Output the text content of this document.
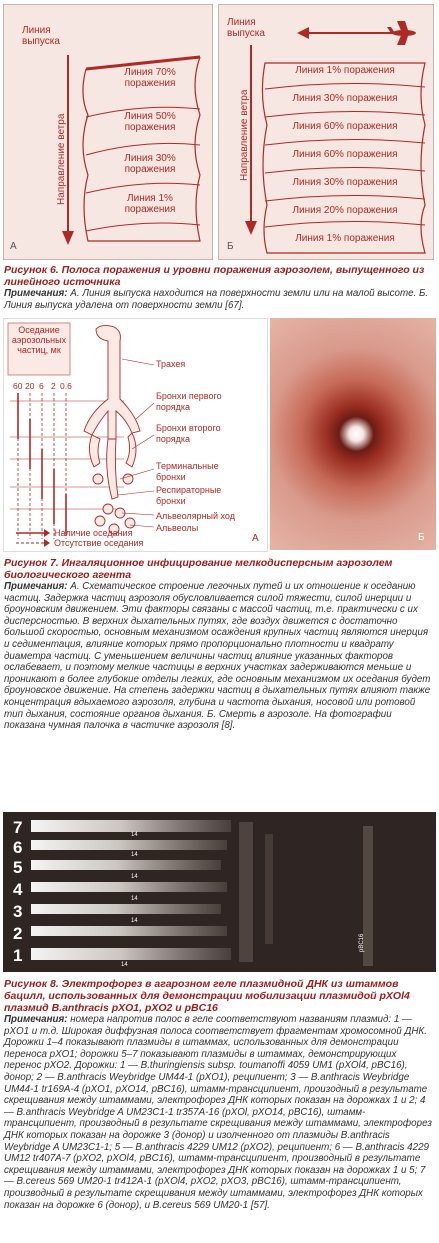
Линия
выпуска
Направление ветра
Линия 70%
поражения
Линия 50%
поражения
Линия 30%
поражения
Линия 1%
поражения
А
Линия
выпуска
Направление ветра
Линия 1% поражения
Линия 30% поражения
Линия 60% поражения
Линия 60% поражения
Линия 30% поражения
Линия 20% поражения
Линия 1% поражения
Б
Рисунок 6. Полоса поражения и уровни поражения аэрозолем, выпущенного из линейного источника
Примечания: А. Линия выпуска находится на поверхности земли или на малой высоте. Б. Линия выпуска удалена от поверхности земли [67].
Оседание
аэрозольных
частиц, мк
60 20 6 2 0.6
Трахея
Бронхи первого
порядка
Бронхи второго
порядка
Терминальные
бронхи
Респираторные
бронхи
Альвеолярный ход
Альвеолы
Наличие оседания
Отсутствие оседания	А	Б
Рисунок 7. Ингаляционное инфицирование мелкодисперсным аэрозолем биологического агента
Примечания: А. Схематическое строение легочных путей и их отношение к оседанию частиц. Задержка частиц аэрозоля обусловливается силой тяжести, силой инерции и броуновским движением. Эти факторы связаны с массой частиц, т.е. практически с их дисперсностью. В верхних дыхательных путях, где воздух движется с достаточно большой скоростью, основным механизмом осаждения крупных частиц являются инерция и седиментация, влияние которых прямо пропорционально плотности и квадрату диаметра частиц. С уменьшением величины частиц влияние указанных факторов ослабевает, и поэтому мелкие частицы в верхних участках задерживаются меньше и проникают в более глубокие отделы легких, где основным механизмом их оседания будет броуновское движение. На степень задержки частиц в дыхательных путях влияют также концентрация вдыхаемого аэрозоля, глубина и частота дыхания, носовой или ротовой тип дыхания, состояние органов дыхания. Б. Смерть в аэрозоле. На фотографии показана чумная палочка в частичке аэрозоля [8].
7
6
5
4
3
2
1
14
14
14
14
14
14
pBC16
Рисунок 8. Электрофорез в агарозном геле плазмидной ДНК из штаммов бацилл, использованных для демонстрации мобилизации плазмидой pXOl4 плазмид B.anthracis pXO1, pXO2 и pBC16
Примечания: номера напротив полос в геле соответствуют названиям плазмид: 1 — pXO1 и т.д. Широкая диффузная полоса соответствует фрагментам хромосомной ДНК. Дорожки 1–4 показывают плазмиды в штаммах, использованных для демонстрации переноса pXO1; дорожки 5–7 показывают плазмиды в штаммах, демонстрирующих перенос pXO2. Дорожки: 1 — B.thuringiensis subsp. toumanoffi 4059 UM1 (pXOl4, pBC16), донор; 2 — B.anthracis Weybridge UM44-1 (pXO1), реципиент; 3 — B.anthracis Weybridge UM44-1 tr169A-4 (pXO1, pXO14, pBC16), штамм-трансципиент, произодный в результате скрещивания между штаммами, электрофорез ДНК которых показан на дорожках 1 и 2; 4 — B.anthracis Weybridge A UM23C1-1 tr357A-16 (pXOl, pXO14, pBC16), штамм-трансципиент, производный в результате скрещивания между штаммами, электрофорез ДНК которых показан на дорожке 3 (донор) и изолченного от плазмиды B.anthracis Weybridge A UM23C1-1; 5 — B.anthracis 4229 UM12 (pXO2), реципиент; 6 — B.anthracis 4229 UM12 tr407A-7 (pXO2, pXOl4, pBC16), штамм-трансципиент, производный в результате скрещивания между штаммами, электрофорез ДНК которых показан на дорожках 1 и 5; 7 — B.cereus 569 UM20-1 tr412A-1 (pXOl4, pXO2, pXO3, pBC16), штамм-трансципиент, производный в результате скрещивания между штаммами, электрофорез ДНК которых показан на дорожке 6 (донор), и B.cereus 569 UM20-1 [57].
